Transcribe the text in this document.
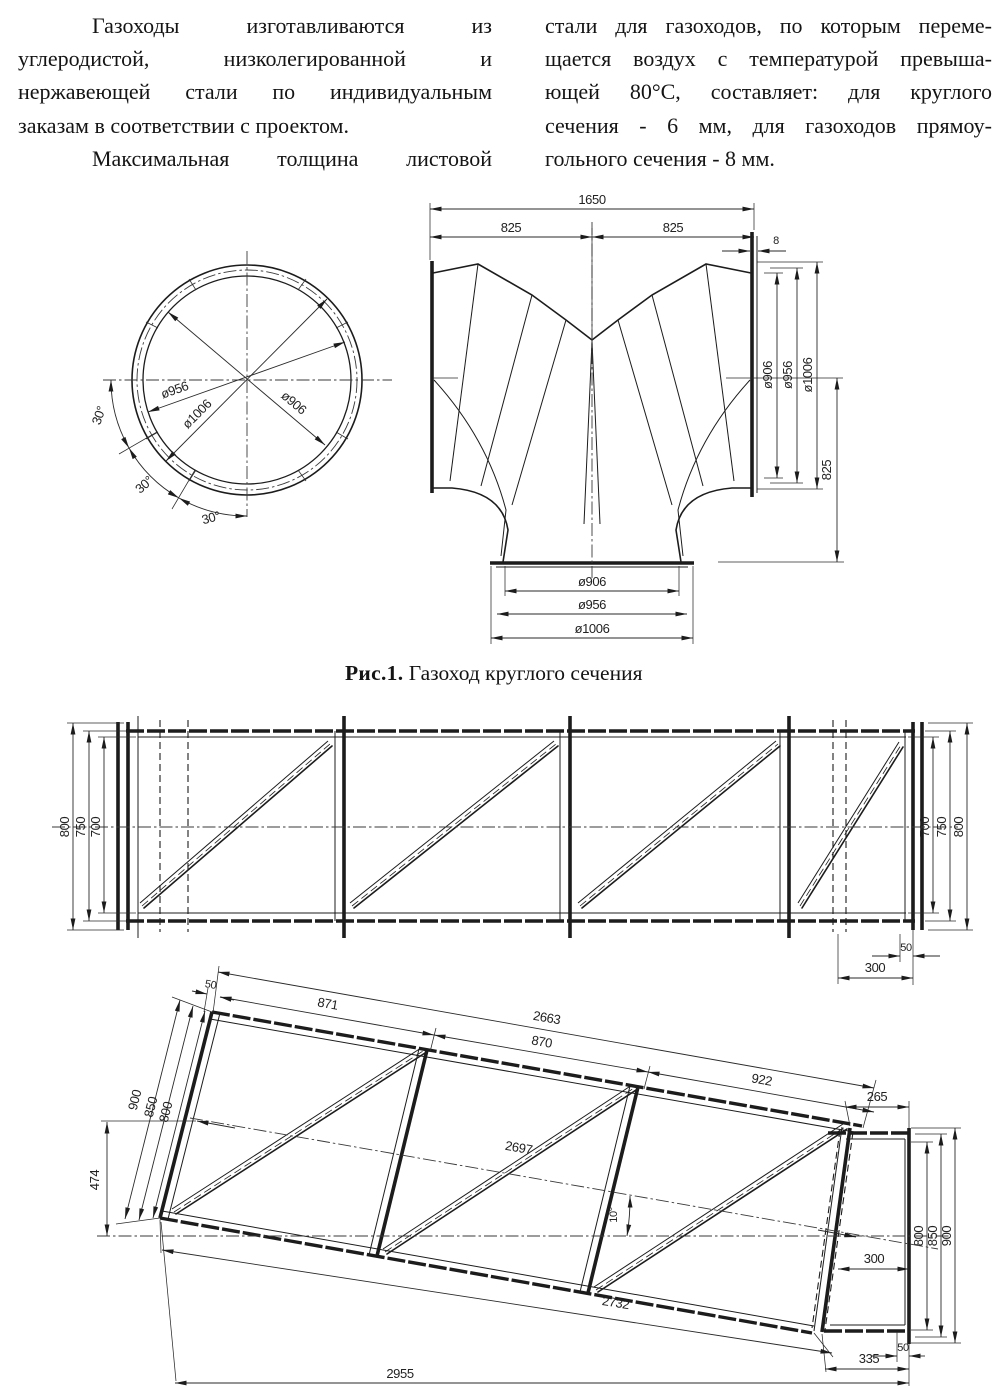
Газоходы изготавливаются из
углеродистой, низколегированной и
нержавеющей стали по индивидуальным
заказам в соответствии с проектом.
Максимальная толщина листовой
стали для газоходов, по которым переме-
щается воздух с температурой превыша-
ющей 80°С, составляет: для круглого
сечения - 6 мм, для газоходов прямоу-
гольного сечения - 8 мм.
ø906
ø956
ø1006
30°
30°
30°
1650
825	825
8
ø906 ø956 ø1006
825
ø906
ø956
ø1006
Рис.1. Газоход круглого сечения
800 750 700	700 750 800
50
300
2663
50
871
870
922
900
850
800
474
2697
10°
265
800 850 900
300
50
335
2732
2955
